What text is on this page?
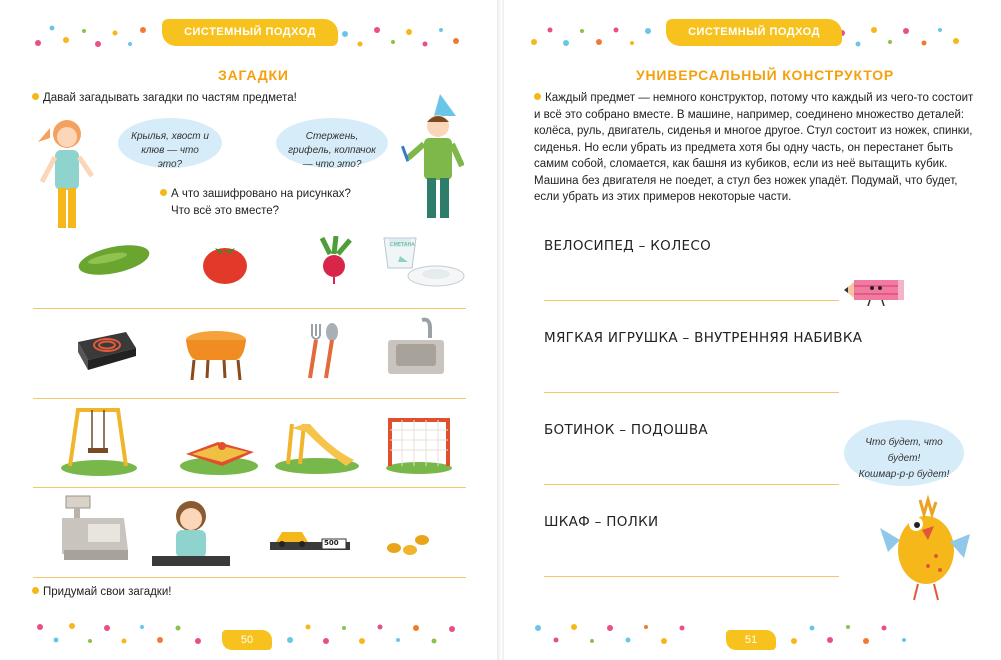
СИСТЕМНЫЙ ПОДХОД
ЗАГАДКИ
Давай загадывать загадки по частям предмета!
Крылья, хвост и клюв — что это?
Стержень, грифель, колпачок — что это?
А что зашифровано на рисунках?
Что всё это вместе?
СМЕТАНА
500
Придумай свои загадки!
50
СИСТЕМНЫЙ ПОДХОД
УНИВЕРСАЛЬНЫЙ КОНСТРУКТОР
Каждый предмет — немного конструктор, потому что каждый из чего-то состоит
и всё это собрано вместе. В машине, например, соединено множество деталей:
колёса, руль, двигатель, сиденья и многое другое. Стул состоит из ножек, спинки,
сиденья. Но если убрать из предмета хотя бы одну часть, он перестанет быть
самим собой, сломается, как башня из кубиков, если из неё вытащить кубик.
Машина без двигателя не поедет, а стул без ножек упадёт. Подумай, что будет,
если убрать из этих примеров некоторые части.
ВЕЛОСИПЕД – КОЛЕСО
МЯГКАЯ ИГРУШКА – ВНУТРЕННЯЯ НАБИВКА
БОТИНОК – ПОДОШВА
ШКАФ – ПОЛКИ
Что будет, что будет!
Кошмар-р-р будет!
51
